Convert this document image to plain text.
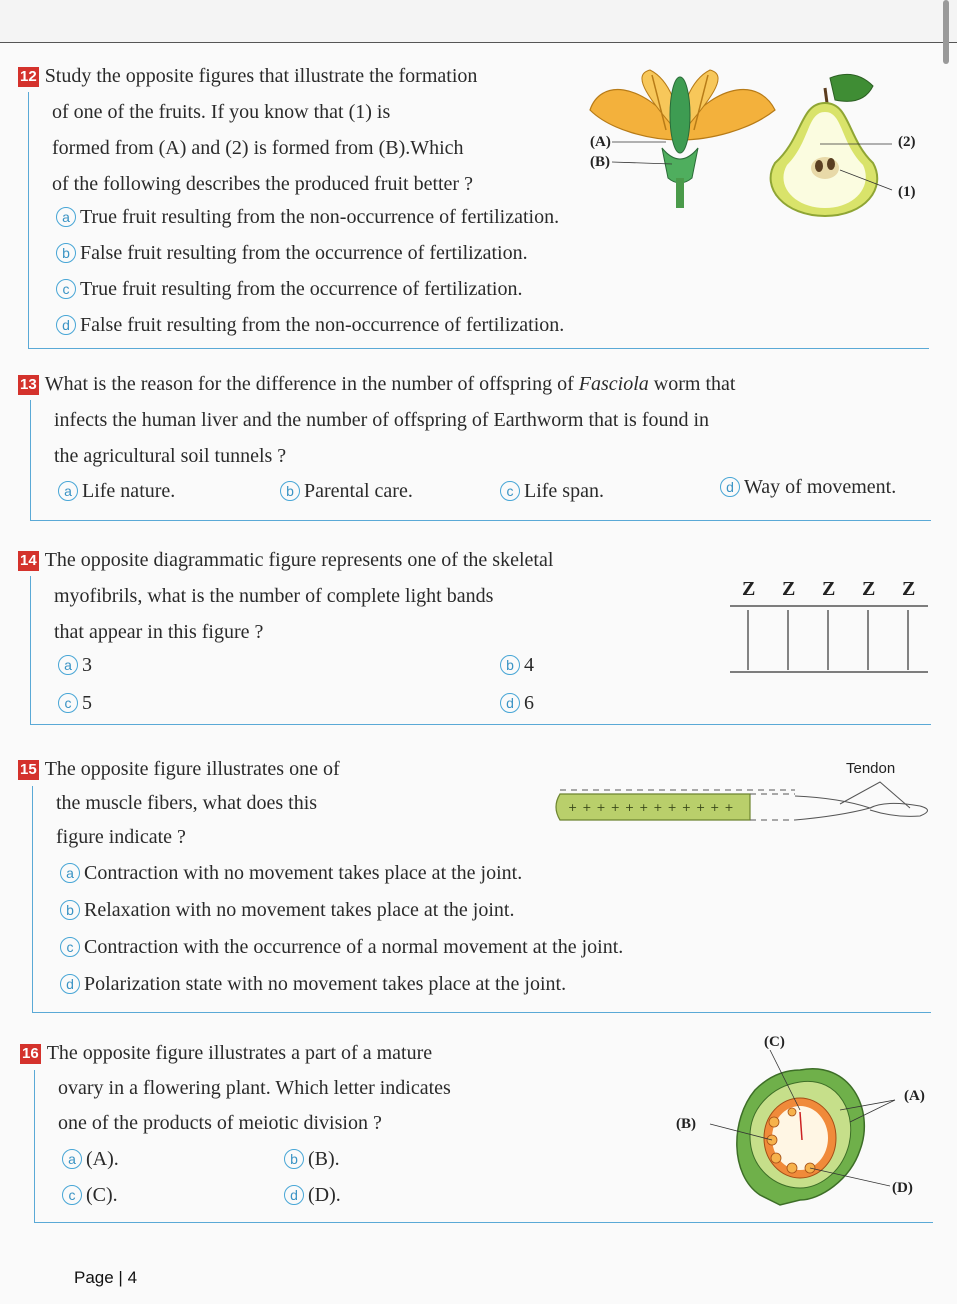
12 Study the opposite figures that illustrate the formation

of one of the fruits. If you know that (1) is

formed from (A) and (2) is formed from (B).Which

of the following describes the produced fruit better ?

a True fruit resulting from the non-occurrence of fertilization.
b False fruit resulting from the occurrence of fertilization.
c True fruit resulting from the occurrence of fertilization.
d False fruit resulting from the non-occurrence of fertilization.
(A)
(B)
(2)
(1)

13 What is the reason for the difference in the number of offspring of Fasciola worm that

infects the human liver and the number of offspring of Earthworm that is found in

the agricultural soil tunnels ?

a Life nature.	b Parental care.	c Life span.	d Way of movement.

14 The opposite diagrammatic figure represents one of the skeletal

myofibrils, what is the number of complete light bands

that appear in this figure ?

a 3	b 4
c 5	d 6
Z Z Z Z Z

15 The opposite figure illustrates one of

the muscle fibers, what does this

figure indicate ?

a Contraction with no movement takes place at the joint.
b Relaxation with no movement takes place at the joint.
c Contraction with the occurrence of a normal movement at the joint.
d Polarization state with no movement takes place at the joint.
++++++++++++
Tendon

16 The opposite figure illustrates a part of a mature

ovary in a flowering plant. Which letter indicates

one of the products of meiotic division ?

a (A).	b (B).
c (C).	d (D).
(C)
(A)
(B)
(D)
Page | 4
